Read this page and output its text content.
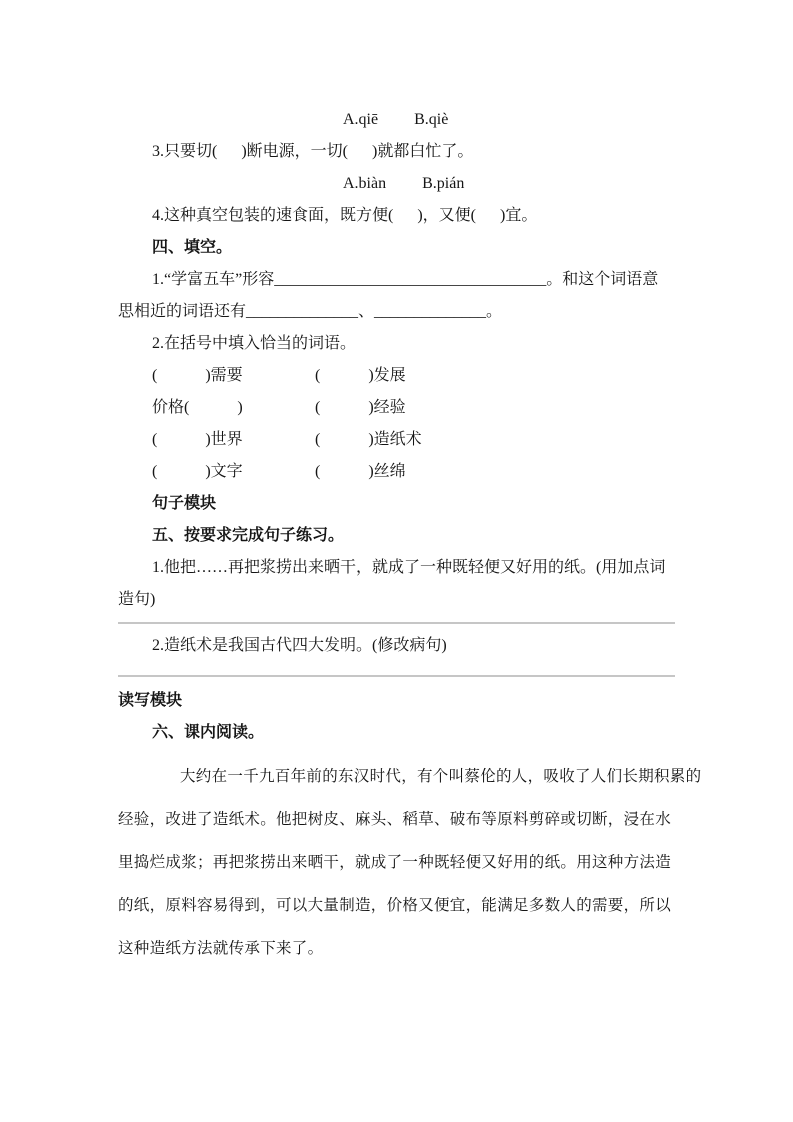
A.qiē         B.qiè
3.只要切(      )断电源，一切(      )就都白忙了。
A.biàn         B.pián
4.这种真空包装的速食面，既方便(      )，又便(      )宜。
四、填空。
1.“学富五车”形容__________________________________。和这个词语意
思相近的词语还有______________、______________。
2.在括号中填入恰当的词语。
(            )需要	(            )发展
价格(            )	(            )经验
(            )世界	(            )造纸术
(            )文字	(            )丝绵
句子模块
五、按要求完成句子练习。
1.他把……再把浆捞出来晒干，就成了一种既轻便又好用的纸。(用加点词
造句)
2.造纸术是我国古代四大发明。(修改病句)
读写模块
六、课内阅读。
大约在一千九百年前的东汉时代，有个叫蔡伦的人，吸收了人们长期积累的
经验，改进了造纸术。他把树皮、麻头、稻草、破布等原料剪碎或切断，浸在水
里捣烂成浆；再把浆捞出来晒干，就成了一种既轻便又好用的纸。用这种方法造
的纸，原料容易得到，可以大量制造，价格又便宜，能满足多数人的需要，所以
这种造纸方法就传承下来了。
